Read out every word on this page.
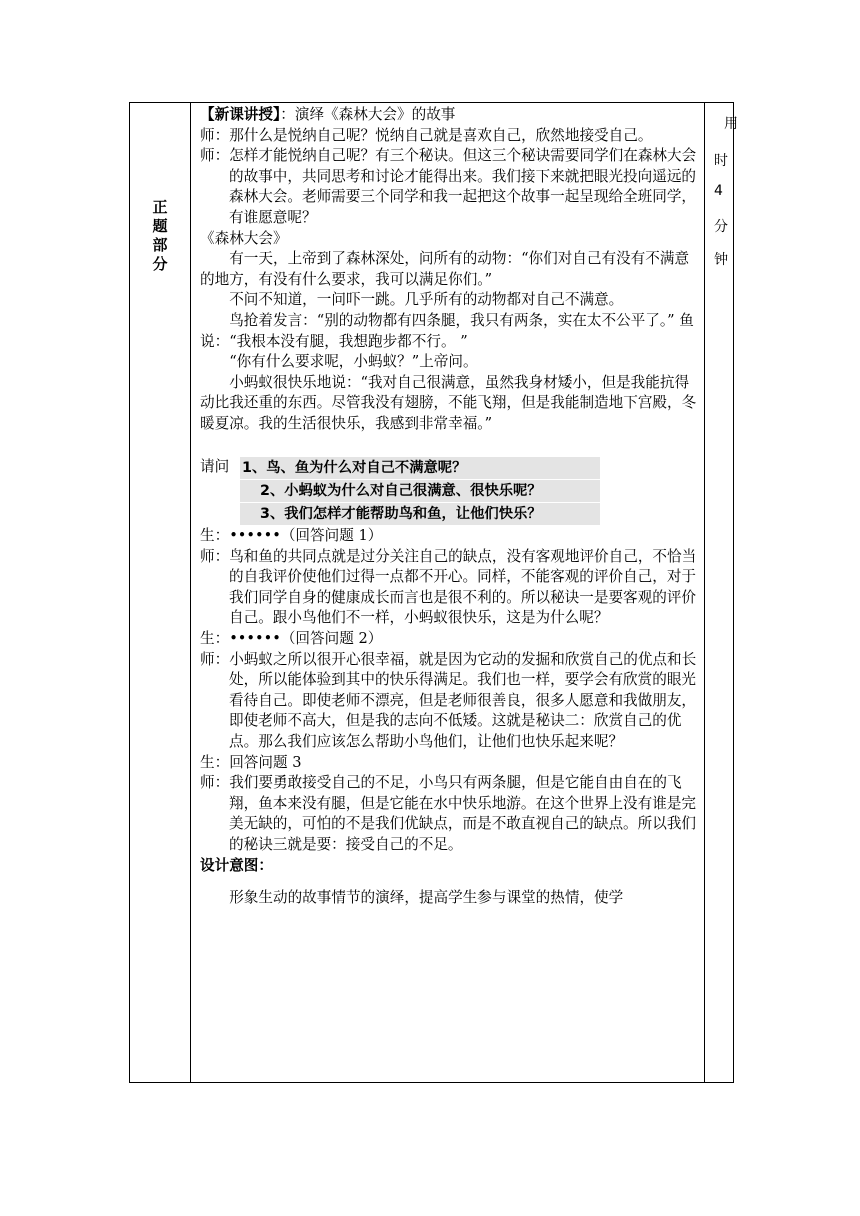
正
题
部
分
用
时
4
分
钟

【新课讲授】：演绎《森林大会》的故事

师：那什么是悦纳自己呢？悦纳自己就是喜欢自己，欣然地接受自己。

师：怎样才能悦纳自己呢？有三个秘诀。但这三个秘诀需要同学们在森林大会的故事中，共同思考和讨论才能得出来。我们接下来就把眼光投向遥远的森林大会。老师需要三个同学和我一起把这个故事一起呈现给全班同学，有谁愿意呢？

《森林大会》

有一天，上帝到了森林深处，问所有的动物：“你们对自己有没有不满意的地方，有没有什么要求，我可以满足你们。”

不问不知道，一问吓一跳。几乎所有的动物都对自己不满意。

鸟抢着发言：“别的动物都有四条腿，我只有两条，实在太不公平了。” 鱼说：“我根本没有腿，我想跑步都不行。 ”

“你有什么要求呢，小蚂蚁？”上帝问。

小蚂蚁很快乐地说：“我对自己很满意，虽然我身材矮小，但是我能抗得动比我还重的东西。尽管我没有翅膀，不能飞翔，但是我能制造地下宫殿，冬暖夏凉。我的生活很快乐，我感到非常幸福。”

请问 1、鸟、鱼为什么对自己不满意呢？
2、小蚂蚁为什么对自己很满意、很快乐呢？
3、我们怎样才能帮助鸟和鱼，让他们快乐？

生：••••••（回答问题 1）

师：鸟和鱼的共同点就是过分关注自己的缺点，没有客观地评价自己，不恰当的自我评价使他们过得一点都不开心。同样，不能客观的评价自己，对于我们同学自身的健康成长而言也是很不利的。所以秘诀一是要客观的评价自己。跟小鸟他们不一样，小蚂蚁很快乐，这是为什么呢？

生：••••••（回答问题 2）

师：小蚂蚁之所以很开心很幸福，就是因为它动的发掘和欣赏自己的优点和长处，所以能体验到其中的快乐得满足。我们也一样，要学会有欣赏的眼光看待自己。即使老师不漂亮，但是老师很善良，很多人愿意和我做朋友，即使老师不高大，但是我的志向不低矮。这就是秘诀二：欣赏自己的优点。那么我们应该怎么帮助小鸟他们，让他们也快乐起来呢？

生：回答问题 3

师：我们要勇敢接受自己的不足，小鸟只有两条腿，但是它能自由自在的飞翔，鱼本来没有腿，但是它能在水中快乐地游。在这个世界上没有谁是完美无缺的，可怕的不是我们优缺点，而是不敢直视自己的缺点。所以我们的秘诀三就是要：接受自己的不足。

设计意图：

形象生动的故事情节的演绎，提高学生参与课堂的热情，使学
